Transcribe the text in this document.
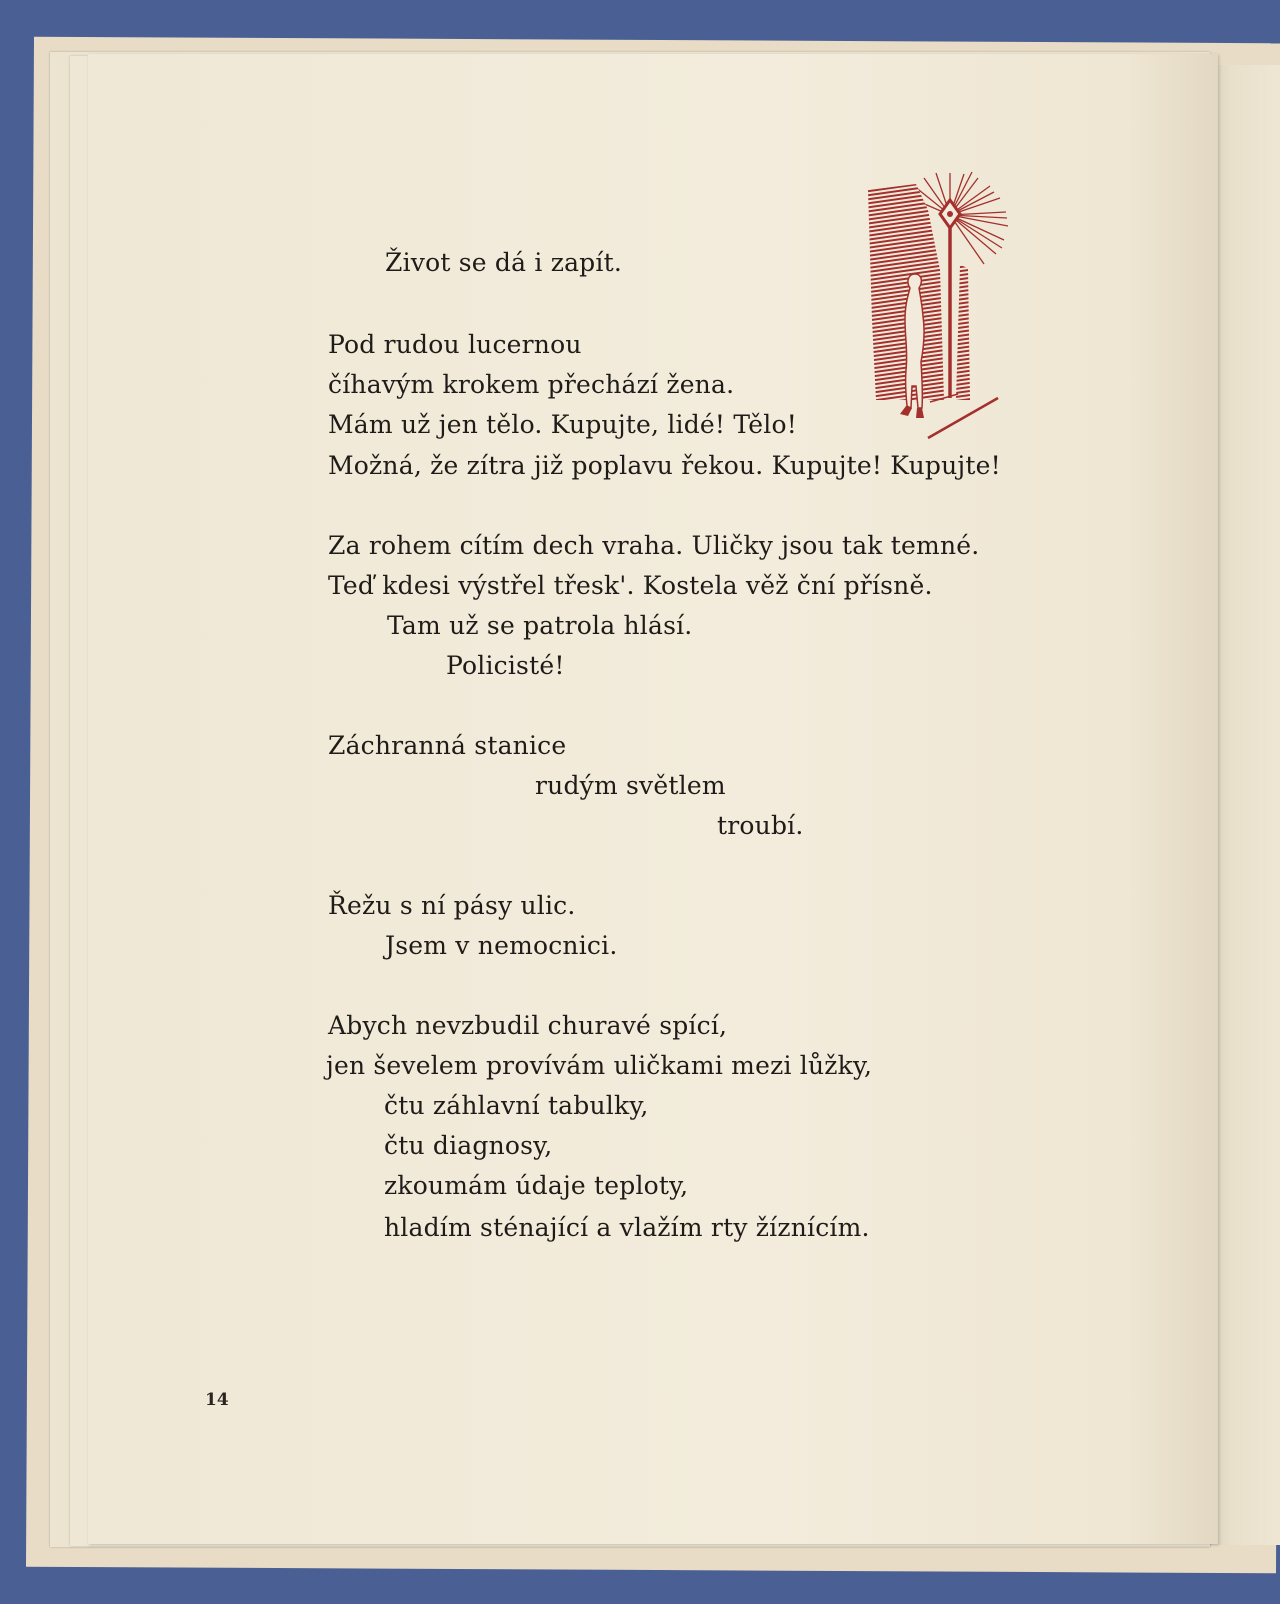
Život se dá i zapít.
Pod rudou lucernou
číhavým krokem přechází žena.
Mám už jen tělo. Kupujte, lidé! Tělo!
Možná, že zítra již poplavu řekou. Kupujte! Kupujte!
Za rohem cítím dech vraha. Uličky jsou tak temné.
Teď kdesi výstřel třesk'. Kostela věž ční přísně.
Tam už se patrola hlásí.
Policisté!
Záchranná stanice
rudým světlem
troubí.
Řežu s ní pásy ulic.
Jsem v nemocnici.
Abych nevzbudil churavé spící,
jen ševelem provívám uličkami mezi lůžky,
čtu záhlavní tabulky,
čtu diagnosy,
zkoumám údaje teploty,
hladím sténající a vlažím rty žíznícím.
14
